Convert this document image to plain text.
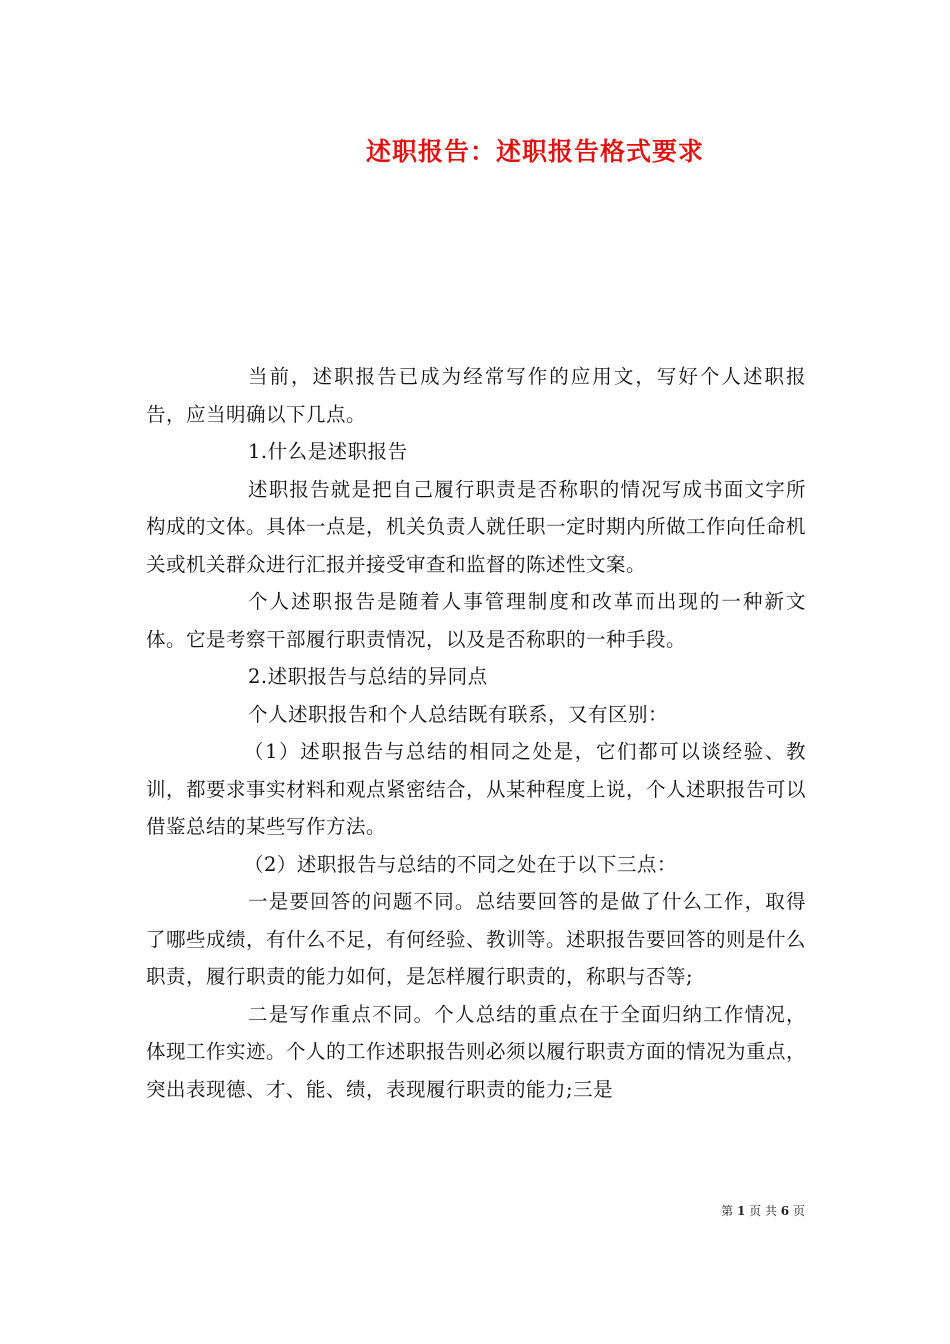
述职报告：述职报告格式要求

当前，述职报告已成为经常写作的应用文，写好个人述职报告，应当明确以下几点。

1.什么是述职报告

述职报告就是把自己履行职责是否称职的情况写成书面文字所构成的文体。具体一点是，机关负责人就任职一定时期内所做工作向任命机关或机关群众进行汇报并接受审查和监督的陈述性文案。

个人述职报告是随着人事管理制度和改革而出现的一种新文体。它是考察干部履行职责情况，以及是否称职的一种手段。

2.述职报告与总结的异同点

个人述职报告和个人总结既有联系，又有区别：

（1）述职报告与总结的相同之处是，它们都可以谈经验、教训，都要求事实材料和观点紧密结合，从某种程度上说，个人述职报告可以借鉴总结的某些写作方法。

（2）述职报告与总结的不同之处在于以下三点：

一是要回答的问题不同。总结要回答的是做了什么工作，取得了哪些成绩，有什么不足，有何经验、教训等。述职报告要回答的则是什么职责，履行职责的能力如何，是怎样履行职责的，称职与否等;

二是写作重点不同。个人总结的重点在于全面归纳工作情况，体现工作实迹。个人的工作述职报告则必须以履行职责方面的情况为重点，突出表现德、才、能、绩，表现履行职责的能力;三是

第 1 页 共 6 页
